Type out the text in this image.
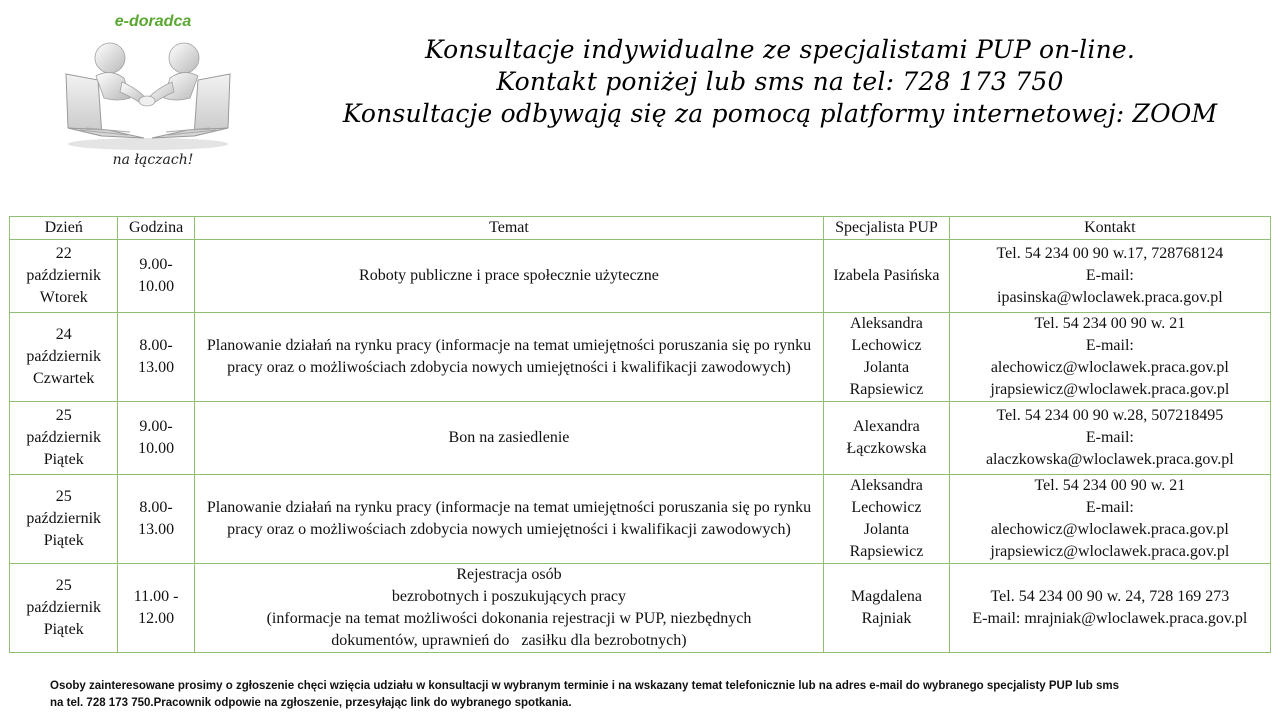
e-doradca
na łączach!
Konsultacje indywidualne ze specjalistami PUP on-line.
Kontakt poniżej lub sms na tel: 728 173 750
Konsultacje odbywają się za pomocą platformy internetowej: ZOOM
Dzień	Godzina	Temat	Specjalista PUP	Kontakt

22
październik
Wtorek	9.00-
10.00	Roboty publiczne i prace społecznie użyteczne	Izabela Pasińska	Tel. 54 234 00 90 w.17, 728768124
E-mail:
ipasinska@wloclawek.praca.gov.pl

24
październik
Czwartek	8.00-
13.00	Planowanie działań na rynku pracy (informacje na temat umiejętności poruszania się po rynku pracy oraz o możliwościach zdobycia nowych umiejętności i kwalifikacji zawodowych)	Aleksandra
Lechowicz
Jolanta
Rapsiewicz	Tel. 54 234 00 90 w. 21
E-mail:
alechowicz@wloclawek.praca.gov.pl
jrapsiewicz@wloclawek.praca.gov.pl

25
październik
Piątek	9.00-
10.00	Bon na zasiedlenie	Alexandra
Łączkowska	Tel. 54 234 00 90 w.28, 507218495
E-mail:
alaczkowska@wloclawek.praca.gov.pl

25
październik
Piątek	8.00-
13.00	Planowanie działań na rynku pracy (informacje na temat umiejętności poruszania się po rynku pracy oraz o możliwościach zdobycia nowych umiejętności i kwalifikacji zawodowych)	Aleksandra
Lechowicz
Jolanta
Rapsiewicz	Tel. 54 234 00 90 w. 21
E-mail:
alechowicz@wloclawek.praca.gov.pl
jrapsiewicz@wloclawek.praca.gov.pl

25
październik
Piątek	11.00 -
12.00	Rejestracja osób
bezrobotnych i poszukujących pracy
(informacje na temat możliwości dokonania rejestracji w PUP, niezbędnych
dokumentów, uprawnień do   zasiłku dla bezrobotnych)	Magdalena
Rajniak	Tel. 54 234 00 90 w. 24, 728 169 273
E-mail: mrajniak@wloclawek.praca.gov.pl
Osoby zainteresowane prosimy o zgłoszenie chęci wzięcia udziału w konsultacji w wybranym terminie i na wskazany temat telefonicznie lub na adres e-mail do wybranego specjalisty PUP lub sms
na tel. 728 173 750.Pracownik odpowie na zgłoszenie, przesyłając link do wybranego spotkania.
